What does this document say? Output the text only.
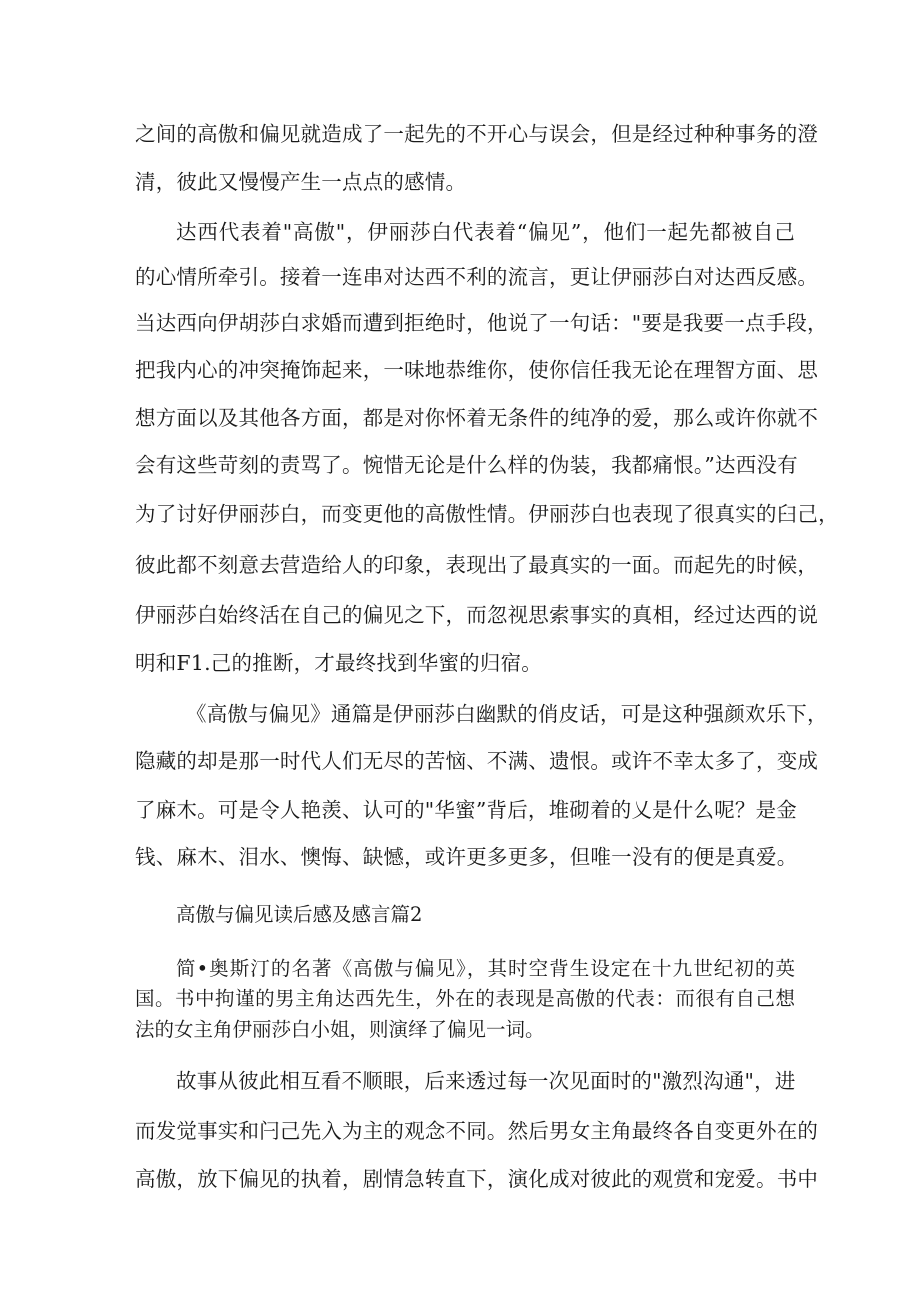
之间的高傲和偏见就造成了一起先的不开心与误会，但是经过种种事务的澄
清，彼此又慢慢产生一点点的感情。
达西代表着"高傲"，伊丽莎白代表着“偏见”，他们一起先都被自己
的心情所牵引。接着一连串对达西不利的流言，更让伊丽莎白对达西反感。
当达西向伊胡莎白求婚而遭到拒绝时，他说了一句话："要是我要一点手段，
把我内心的冲突掩饰起来，一味地恭维你，使你信任我无论在理智方面、思
想方面以及其他各方面，都是对你怀着无条件的纯净的爱，那么或许你就不
会有这些苛刻的责骂了。惋惜无论是什么样的伪装，我都痛恨。”达西没有
为了讨好伊丽莎白，而变更他的高傲性情。伊丽莎白也表现了很真实的臼己，
彼此都不刻意去营造给人的印象，表现出了最真实的一面。而起先的时候，
伊丽莎白始终活在自己的偏见之下，而忽视思索事实的真相，经过达西的说
明和F1.己的推断，才最终找到华蜜的归宿。
《高傲与偏见》通篇是伊丽莎白幽默的俏皮话，可是这种强颜欢乐下，
隐藏的却是那一时代人们无尽的苦恼、不满、遗恨。或许不幸太多了，变成
了麻木。可是令人艳羡、认可的"华蜜”背后，堆砌着的乂是什么呢？是金
钱、麻木、泪水、懊悔、缺憾，或许更多更多，但唯一没有的便是真爱。
高傲与偏见读后感及感言篇2
简•奥斯汀的名著《高傲与偏见》，其时空背生设定在十九世纪初的英
国。书中拘谨的男主角达西先生，外在的表现是高傲的代表：而很有自己想
法的女主角伊丽莎白小姐，则演绎了偏见一词。
故事从彼此相互看不顺眼，后来透过每一次见面时的"激烈沟通"，进
而发觉事实和闩己先入为主的观念不同。然后男女主角最终各自变更外在的
高傲，放下偏见的执着，剧情急转直下，演化成对彼此的观赏和宠爱。书中
